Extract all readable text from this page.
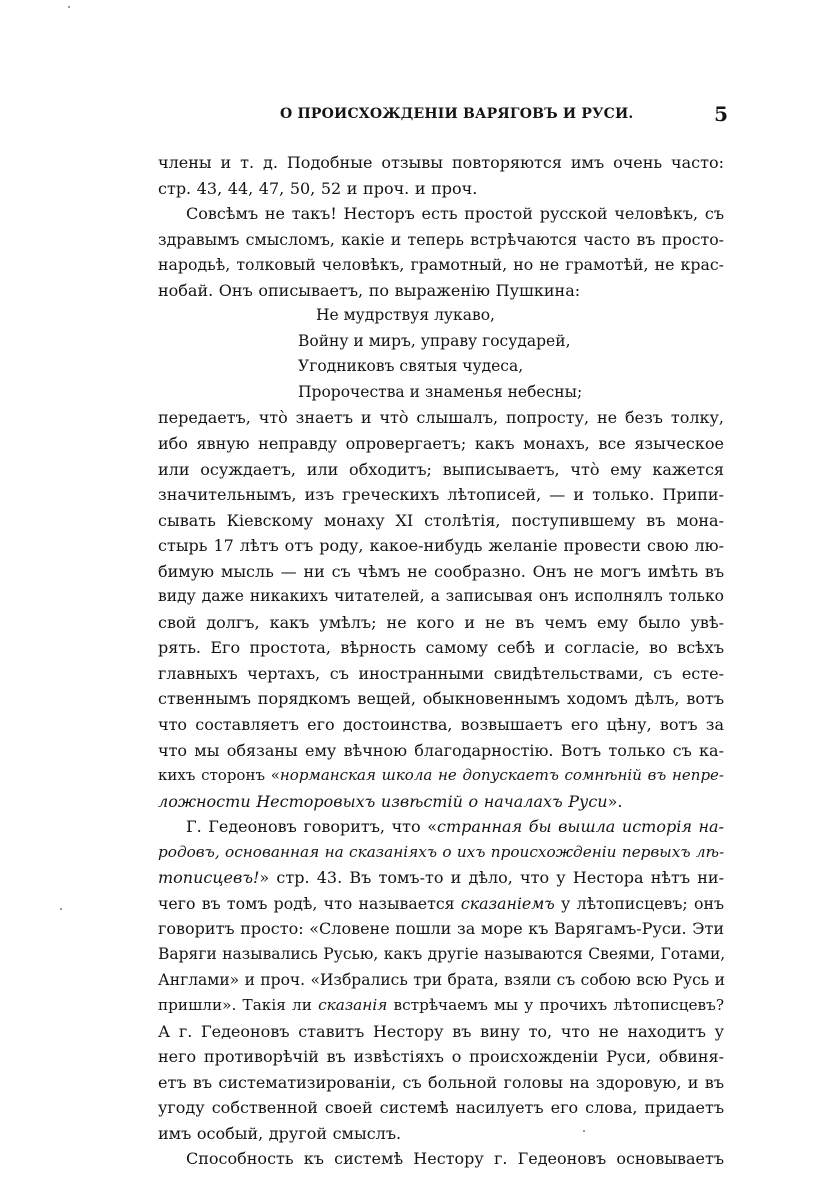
О ПРОИСХОЖДЕНІИ ВАРЯГОВЪ И РУСИ.	5
члены и т. д. Подобные отзывы повторяются имъ очень часто:
стр. 43, 44, 47, 50, 52 и проч. и проч.
Совсѣмъ не такъ! Несторъ есть простой русской человѣкъ, съ
здравымъ смысломъ, какіе и теперь встрѣчаются часто въ просто-
народьѣ, толковый человѣкъ, грамотный, но не грамотѣй, не крас-
нобай. Онъ описываетъ, по выраженію Пушкина:
Не мудрствуя лукаво,
Войну и миръ, управу государей,
Угодниковъ святыя чудеса,
Пророчества и знаменья небесны;
передаетъ, что̀ знаетъ и что̀ слышалъ, попросту, не безъ толку,
ибо явную неправду опровергаетъ; какъ монахъ, все языческое
или осуждаетъ, или обходитъ; выписываетъ, что̀ ему кажется
значительнымъ, изъ греческихъ лѣтописей, — и только. Припи-
сывать Кіевскому монаху XI столѣтія, поступившему въ мона-
стырь 17 лѣтъ отъ роду, какое-нибудь желаніе провести свою лю-
бимую мысль — ни съ чѣмъ не сообразно. Онъ не могъ имѣть въ
виду даже никакихъ читателей, а записывая онъ исполнялъ только
свой долгъ, какъ умѣлъ; не кого и не въ чемъ ему было увѣ-
рять. Его простота, вѣрность самому себѣ и согласіе, во всѣхъ
главныхъ чертахъ, съ иностранными свидѣтельствами, съ есте-
ственнымъ порядкомъ вещей, обыкновеннымъ ходомъ дѣлъ, вотъ
что составляетъ его достоинства, возвышаетъ его цѣну, вотъ за
что мы обязаны ему вѣчною благодарностію. Вотъ только съ ка-
кихъ сторонъ «норманская школа не допускаетъ сомнѣній въ непре-
ложности Несторовыхъ извѣстій о началахъ Руси».
Г. Гедеоновъ говоритъ, что «странная бы вышла исторія на-
родовъ, основанная на сказаніяхъ о ихъ происхожденіи первыхъ лѣ-
тописцевъ!» стр. 43. Въ томъ-то и дѣло, что у Нестора нѣтъ ни-
чего въ томъ родѣ, что называется сказаніемъ у лѣтописцевъ; онъ
говоритъ просто: «Словене пошли за море къ Варягамъ-Руси. Эти
Варяги назывались Русью, какъ другіе называются Свеями, Готами,
Англами» и проч. «Избрались три брата, взяли съ собою всю Русь и
пришли». Такія ли сказанія встрѣчаемъ мы у прочихъ лѣтописцевъ?
А г. Гедеоновъ ставитъ Нестору въ вину то, что не находитъ у
него противорѣчій въ извѣстіяхъ о происхожденіи Руси, обвиня-
етъ въ систематизированіи, съ больной головы на здоровую, и въ
угоду собственной своей системѣ насилуетъ его слова, придаетъ
имъ особый, другой смыслъ.
Способность къ системѣ Нестору г. Гедеоновъ основываетъ
